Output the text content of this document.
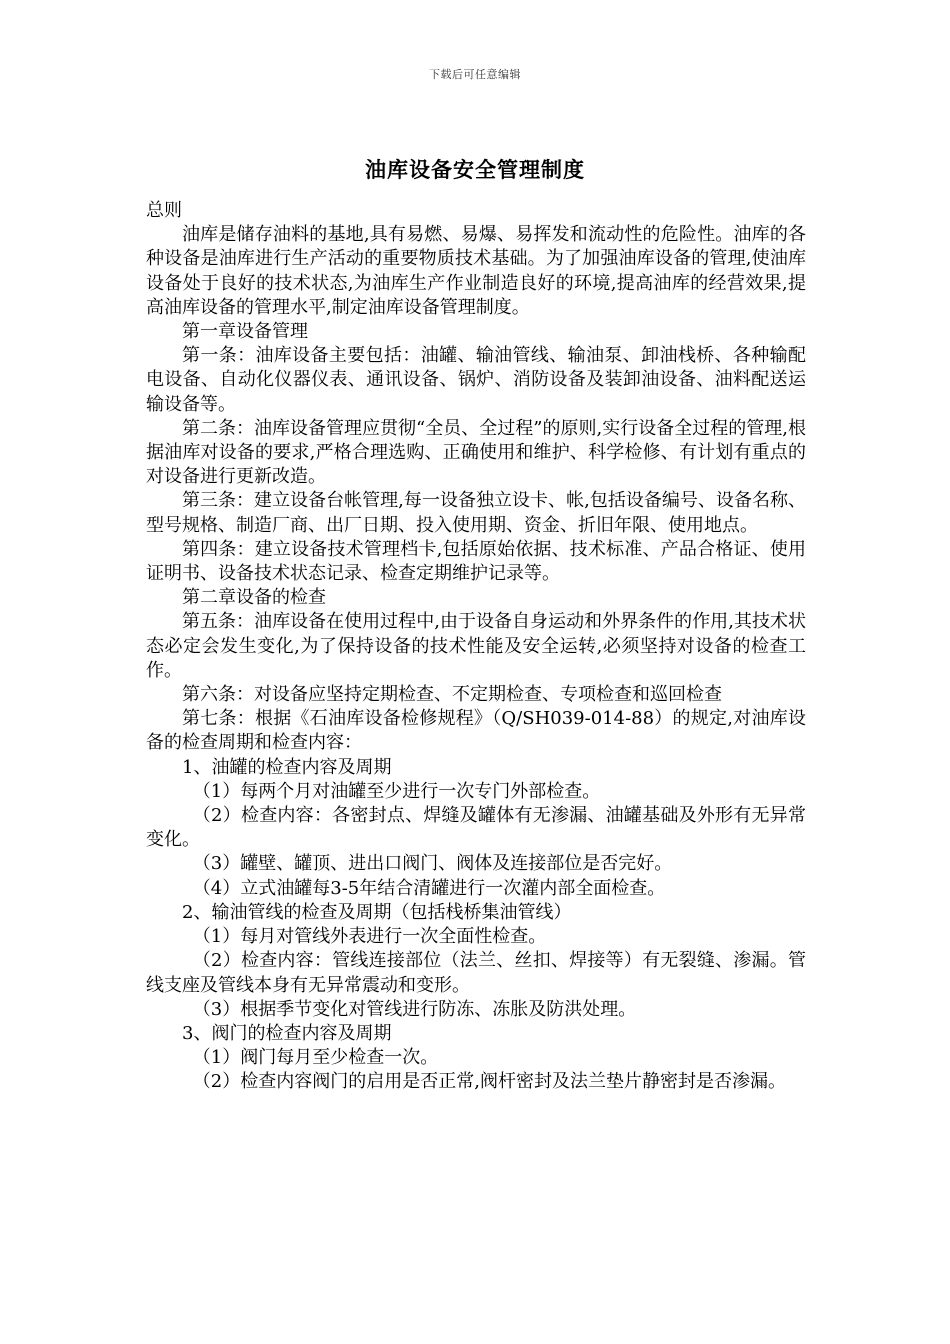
下载后可任意编辑
油库设备安全管理制度

总则

油库是储存油料的基地,具有易燃、易爆、易挥发和流动性的危险性。油库的各种设备是油库进行生产活动的重要物质技术基础。为了加强油库设备的管理,使油库设备处于良好的技术状态,为油库生产作业制造良好的环境,提高油库的经营效果,提高油库设备的管理水平,制定油库设备管理制度。

第一章设备管理

第一条：油库设备主要包括：油罐、输油管线、输油泵、卸油栈桥、各种输配电设备、自动化仪器仪表、通讯设备、锅炉、消防设备及装卸油设备、油料配送运输设备等。

第二条：油库设备管理应贯彻“全员、全过程”的原则,实行设备全过程的管理,根据油库对设备的要求,严格合理选购、正确使用和维护、科学检修、有计划有重点的对设备进行更新改造。

第三条：建立设备台帐管理,每一设备独立设卡、帐,包括设备编号、设备名称、型号规格、制造厂商、出厂日期、投入使用期、资金、折旧年限、使用地点。

第四条：建立设备技术管理档卡,包括原始依据、技术标准、产品合格证、使用证明书、设备技术状态记录、检查定期维护记录等。

第二章设备的检查

第五条：油库设备在使用过程中,由于设备自身运动和外界条件的作用,其技术状态必定会发生变化,为了保持设备的技术性能及安全运转,必须坚持对设备的检查工作。

第六条：对设备应坚持定期检查、不定期检查、专项检查和巡回检查

第七条：根据《石油库设备检修规程》（Q/SH039-014-88）的规定,对油库设备的检查周期和检查内容：

1、油罐的检查内容及周期

（1）每两个月对油罐至少进行一次专门外部检查。

（2）检查内容：各密封点、焊缝及罐体有无渗漏、油罐基础及外形有无异常变化。

（3）罐壁、罐顶、进出口阀门、阀体及连接部位是否完好。

（4）立式油罐每3-5年结合清罐进行一次灌内部全面检查。

2、输油管线的检查及周期（包括栈桥集油管线）

（1）每月对管线外表进行一次全面性检查。

（2）检查内容：管线连接部位（法兰、丝扣、焊接等）有无裂缝、渗漏。管线支座及管线本身有无异常震动和变形。

（3）根据季节变化对管线进行防冻、冻胀及防洪处理。

3、阀门的检查内容及周期

（1）阀门每月至少检查一次。

（2）检查内容阀门的启用是否正常,阀杆密封及法兰垫片静密封是否渗漏。
